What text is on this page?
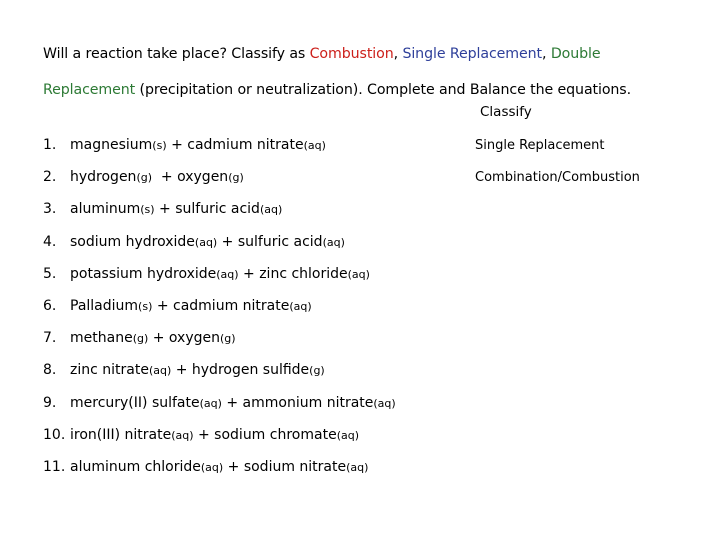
Will a reaction take place? Classify as Combustion, Single Replacement, Double Replacement (precipitation or neutralization). Complete and Balance the equations.
Classify
1. magnesium(s) + cadmium nitrate(aq)	Single Replacement
2. hydrogen(g)  + oxygen(g)	Combination/Combustion
3. aluminum(s) + sulfuric acid(aq)
4. sodium hydroxide(aq) + sulfuric acid(aq)
5. potassium hydroxide(aq) + zinc chloride(aq)
6. Palladium(s) + cadmium nitrate(aq)
7. methane(g) + oxygen(g)
8. zinc nitrate(aq) + hydrogen sulfide(g)
9. mercury(II) sulfate(aq) + ammonium nitrate(aq)
10. iron(III) nitrate(aq) + sodium chromate(aq)
11. aluminum chloride(aq) + sodium nitrate(aq)
